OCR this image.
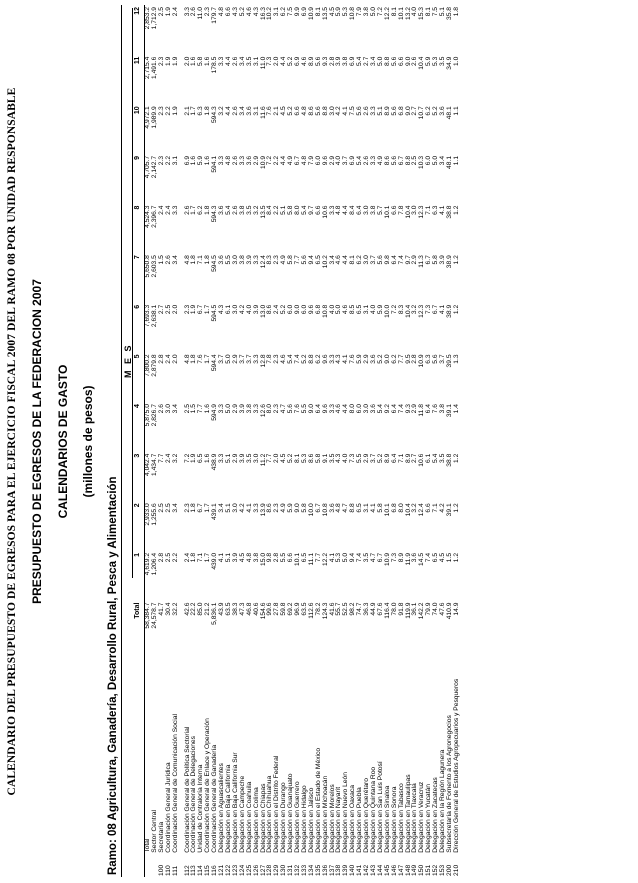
CALENDARIO DEL PRESUPUESTO DE EGRESOS PARA EL EJERCICIO FISCAL 2007 DEL RAMO 08 POR UNIDAD RESPONSABLE PRESUPUESTO DE EGRESOS DE LA FEDERACION 2007 CALENDARIOS DE GASTO (millones de pesos)
Ramo: 08 Agricultura, Ganadería, Desarrollo Rural, Pesca y Alimentación
M E S
		Total	1	2	3	4	5	6	7	8	9	10	11	12
	Total	58,384.7	4,619.2	2,933.0	4,042.4	5,875.0	7,800.2	7,693.3	5,650.8	4,524.3	4,705.7	4,972.1	2,715.4	2,853.2
	Sector Central	24,578.7	1,206.4	1,255.6	1,434.7	2,826.7	2,879.8	2,638.1	2,603.5	2,396.7	2,142.7	1,989.9	1,491.6	1,712.9
100	Secretaría	41.7	2.8	2.5	7.7	2.6	2.8	2.7	1.5	2.4	2.3	2.3	2.3	2.5
110	Coordinación General Jurídica	30.4	2.5	2.5	2.4	3.0	2.4	2.5	2.6	2.4	2.2	2.2	1.9	1.9
111	Coordinación General de Comunicación Social	32.2	2.2	3.4	3.2	3.4	2.0	2.0	3.4	3.3	3.1	1.9	1.9	2.4

112	Coordinación General de Política Sectorial	42.6	2.4	2.3	7.2	2.5	4.8	2.3	4.8	2.6	6.9	2.1	2.0	3.3
113	Coordinación General de Delegaciones	22.2	1.8	1.8	1.9	1.5	1.8	1.9	1.8	1.7	1.6	1.7	1.6	2.6
114	Unidad de Contraloría Interna	85.0	7.1	6.7	6.5	7.7	7.6	6.7	7.1	6.2	5.9	6.3	5.8	11.0
115	Coordinación General de Enlace y Operación	21.2	1.7	1.7	1.6	1.6	1.7	1.7	1.8	1.8	1.6	1.8	1.6	2.3
116	Coordinación General de Ganadería	5,836.1	439.0	439.1	438.9	594.9	594.4	594.5	594.5	594.3	594.1	594.3	178.5	179.7
121	Delegación en Aguascalientes	43.9	4.1	3.4	3.3	3.3	3.7	4.3	3.6	3.6	3.3	3.2	3.3	4.8
122	Delegación en Baja California	63.5	5.1	5.1	5.1	5.0	5.0	6.1	5.5	5.4	4.8	4.4	4.4	6.6
123	Delegación en Baja California Sur	38.3	3.9	3.0	2.9	2.9	2.9	3.0	3.0	2.6	2.6	2.6	2.6	4.3
124	Delegación en Campeche	47.3	4.5	4.2	3.9	3.9	3.7	4.2	3.8	3.8	3.3	3.4	3.4	5.2
125	Delegación en Coahuila	46.8	4.8	4.1	3.5	3.8	3.7	4.0	3.9	3.5	3.6	3.6	3.5	4.6
126	Delegación en Colima	40.6	3.8	3.3	3.0	3.3	3.3	3.9	3.3	3.2	2.9	3.1	3.1	4.3
127	Delegación en Chiapas	154.6	15.0	13.9	11.2	12.6	12.8	13.0	12.4	13.5	10.9	11.6	11.0	16.3
128	Delegación en Chihuahua	99.6	9.8	8.6	7.7	8.0	7.8	8.6	8.3	8.4	7.2	7.6	7.3	10.2
129	Delegación en el Distrito Federal	27.8	2.8	2.3	2.0	2.3	2.3	2.4	2.3	2.2	2.2	2.1	2.0	3.1
130	Delegación en Durango	59.8	5.5	4.9	4.5	4.7	4.6	5.2	4.9	5.1	4.4	4.5	4.4	6.2
131	Delegación en Guanajuato	69.2	6.6	5.9	5.2	5.6	5.4	6.0	5.8	5.8	4.9	5.2	5.2	7.5
132	Delegación en Guerrero	96.9	10.1	9.0	8.1	7.6	7.4	9.0	7.7	8.0	6.7	6.6	6.9	9.9
133	Delegación en Hidalgo	63.5	6.5	5.8	5.3	5.5	5.2	6.0	5.6	5.4	4.8	4.8	4.6	6.9
134	Delegación en Jalisco	112.6	11.1	10.0	8.6	9.0	8.8	9.6	9.4	9.7	7.9	8.6	8.9	10.9
135	Delegación en el Estado de México	78.2	7.7	6.7	5.8	6.4	6.2	6.8	6.5	6.6	6.0	5.6	5.6	8.1
136	Delegación en Michoacán	124.3	12.2	10.8	9.1	9.6	9.6	10.8	10.2	10.6	9.6	8.8	9.3	13.5
137	Delegación en Morelos	41.6	4.1	3.6	3.5	3.3	3.3	4.0	3.4	3.3	2.9	3.0	2.8	4.5
138	Delegación en Nayarit	55.7	5.3	4.8	4.3	4.6	4.3	5.0	4.6	4.8	4.0	4.2	3.9	5.9
139	Delegación en Nuevo León	52.5	5.0	4.7	4.0	4.4	4.1	4.6	4.4	4.4	3.7	4.1	3.8	5.3
140	Delegación en Oaxaca	98.2	9.4	8.8	7.3	8.0	7.6	8.5	8.1	8.4	6.9	7.5	6.9	10.8
141	Delegación en Puebla	74.7	7.4	6.5	5.5	6.0	5.9	6.5	6.2	6.4	5.4	5.6	5.4	7.9
142	Delegación en Querétaro	36.3	3.5	3.1	2.9	3.0	2.9	3.1	3.0	3.0	2.6	2.6	2.7	3.8
143	Delegación en Quintana Roo	44.9	4.7	4.1	3.7	3.6	3.6	4.0	3.7	3.8	3.3	3.3	3.4	5.0
144	Delegación en San Luis Potosí	67.6	6.7	5.8	5.2	5.4	5.2	5.9	5.6	5.7	4.9	5.1	5.0	7.2
145	Delegación en Sinaloa	116.4	10.9	10.1	8.9	9.2	9.0	10.0	9.8	10.1	8.6	8.9	8.8	12.2
146	Delegación en Sonora	78.0	7.3	6.8	6.4	6.4	6.2	7.2	6.4	6.6	5.6	5.6	5.6	8.1
147	Delegación en Tabasco	91.8	8.9	8.0	7.1	7.4	7.7	8.3	7.4	7.8	6.7	6.8	6.6	10.1
148	Delegación en Tamaulipas	119.9	11.9	10.4	8.9	9.3	9.5	10.4	9.7	10.4	8.8	9.0	9.0	13.2
149	Delegación en Tlaxcala	36.1	3.6	3.2	2.7	2.9	2.8	3.2	2.9	3.0	2.5	2.7	2.6	4.0
150	Delegación en Veracruz	142.2	14.5	12.4	10.6	11.8	10.9	12.3	11.3	12.3	10.3	10.7	10.4	15.3
151	Delegación en Yucatán	79.9	7.4	6.6	6.1	6.4	6.3	7.3	6.7	7.1	6.0	6.2	5.9	8.1
152	Delegación en Zacatecas	74.0	6.5	7.1	5.4	7.6	5.6	6.7	5.8	6.3	5.0	5.2	5.3	7.5
153	Delegación en la Región Lagunera	47.6	4.5	4.2	3.5	3.8	3.7	4.1	3.9	4.1	3.4	3.6	3.5	5.1
200	Subsecretaría de Fomento a los Agronegocios	410.9	1.5	39.1	38.8	39.1	39.5	38.9	38.9	38.8	48.1	48.1	34.9	35.8
210	Dirección General de Estudios Agropecuarios y Pesqueros	14.9	1.2	1.2	1.2	1.4	1.3	1.2	1.2	1.2	1.1	1.1	1.0	1.8
